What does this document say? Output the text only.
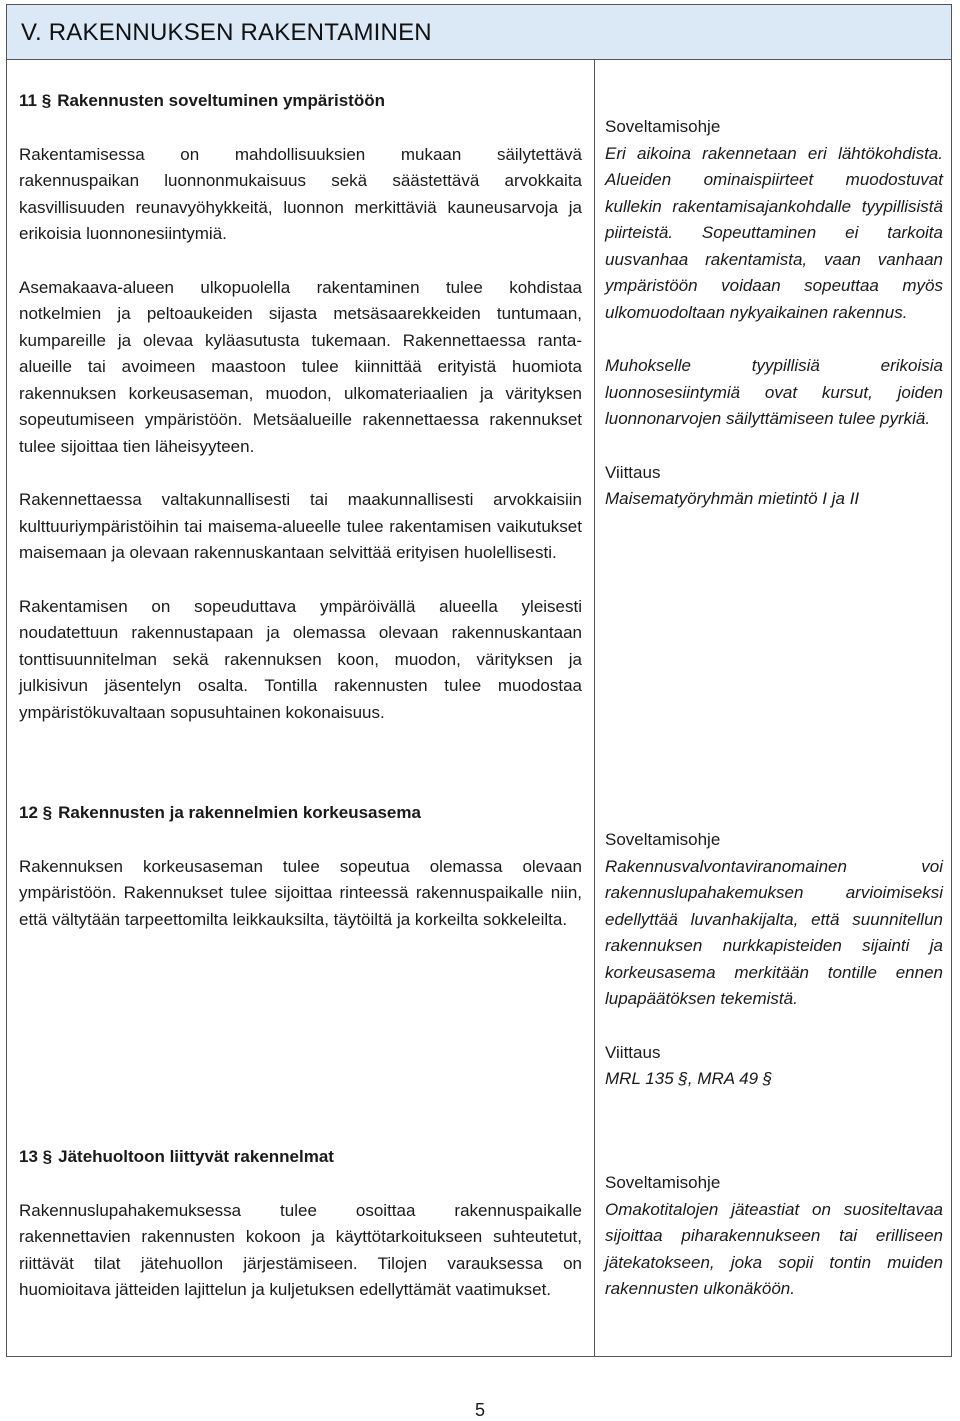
V. RAKENNUKSEN RAKENTAMINEN
11 § Rakennusten soveltuminen ympäristöön

Rakentamisessa on mahdollisuuksien mukaan säilytettävä rakennuspaikan luonnonmukaisuus sekä säästettävä arvokkaita kasvillisuuden reunavyöhykkeitä, luonnon merkittäviä kauneusarvoja ja erikoisia luonnonesiintymiä.

Asemakaava-alueen ulkopuolella rakentaminen tulee kohdistaa notkelmien ja peltoaukeiden sijasta metsäsaarekkeiden tuntumaan, kumpareille ja olevaa kyläasutusta tukemaan. Rakennettaessa ranta-alueille tai avoimeen maastoon tulee kiinnittää erityistä huomiota rakennuksen korkeusaseman, muodon, ulkomateriaalien ja värityksen sopeutumiseen ympäristöön. Metsäalueille rakennettaessa rakennukset tulee sijoittaa tien läheisyyteen.

Rakennettaessa valtakunnallisesti tai maakunnallisesti arvokkaisiin kulttuuriympäristöihin tai maisema-alueelle tulee rakentamisen vaikutukset maisemaan ja olevaan rakennuskantaan selvittää erityisen huolellisesti.

Rakentamisen on sopeuduttava ympäröivällä alueella yleisesti noudatettuun rakennustapaan ja olemassa olevaan rakennuskantaan tonttisuunnitelman sekä rakennuksen koon, muodon, värityksen ja julkisivun jäsentelyn osalta. Tontilla rakennusten tulee muodostaa ympäristökuvaltaan sopusuhtainen kokonaisuus.

Soveltamisohje

Eri aikoina rakennetaan eri lähtökohdista. Alueiden ominaispiirteet muodostuvat kullekin rakentamisajankohdalle tyypillisistä piirteistä. Sopeuttaminen ei tarkoita uusvanhaa rakentamista, vaan vanhaan ympäristöön voidaan sopeuttaa myös ulkomuodoltaan nykyaikainen rakennus.

Muhokselle tyypillisiä erikoisia luonnosesiintymiä ovat kursut, joiden luonnonarvojen säilyttämiseen tulee pyrkiä.

Viittaus
Maisematyöryhmän mietintö I ja II
12 § Rakennusten ja rakennelmien korkeusasema

Rakennuksen korkeusaseman tulee sopeutua olemassa olevaan ympäristöön. Rakennukset tulee sijoittaa rinteessä rakennuspaikalle niin, että vältytään tarpeettomilta leikkauksilta, täytöiltä ja korkeilta sokkeleilta.

Soveltamisohje

Rakennusvalvontaviranomainen voi rakennuslupahakemuksen arvioimiseksi edellyttää luvanhakijalta, että suunnitellun rakennuksen nurkkapisteiden sijainti ja korkeusasema merkitään tontille ennen lupapäätöksen tekemistä.

Viittaus
MRL 135 §, MRA 49 §
13 § Jätehuoltoon liittyvät rakennelmat

Rakennuslupahakemuksessa tulee osoittaa rakennuspaikalle rakennettavien rakennusten kokoon ja käyttötarkoitukseen suhteutetut, riittävät tilat jätehuollon järjestämiseen. Tilojen varauksessa on huomioitava jätteiden lajittelun ja kuljetuksen edellyttämät vaatimukset.

Soveltamisohje

Omakotitalojen jäteastiat on suositeltavaa sijoittaa piharakennukseen tai erilliseen jätekatokseen, joka sopii tontin muiden rakennusten ulkonäköön.

5
